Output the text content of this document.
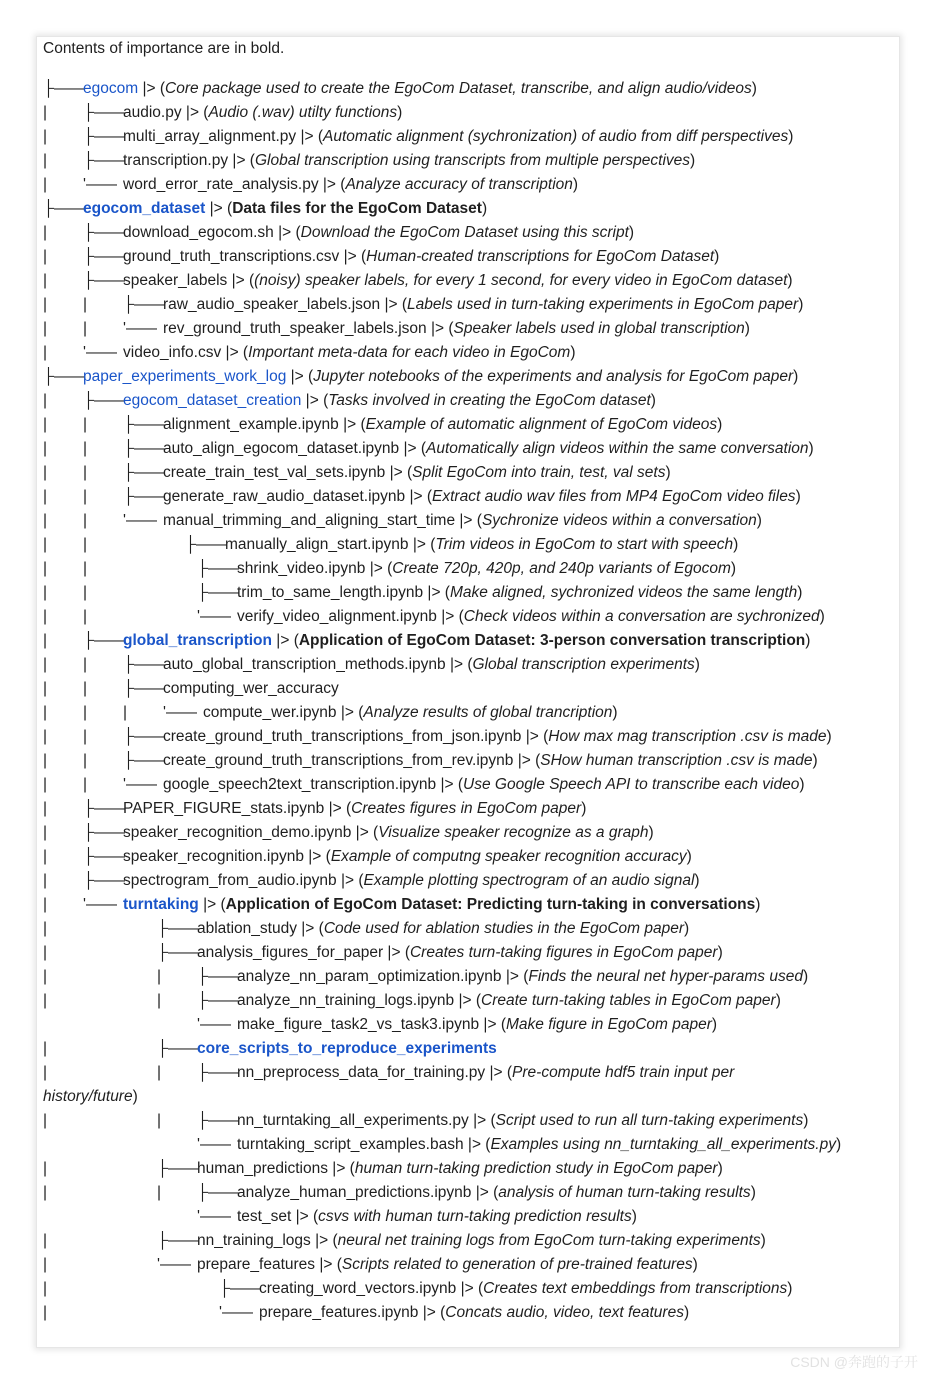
Contents of importance are in bold.
├——
egocom |> (Core package used to create the EgoCom Dataset, transcribe, and align audio/videos)
| ├——
audio.py |> (Audio (.wav) utilty functions)
| ├——
multi_array_alignment.py |> (Automatic alignment (sychronization) of audio from diff perspectives)
| ├——
transcription.py |> (Global transcription using transcripts from multiple perspectives)
| '—— word_error_rate_analysis.py |> (Analyze accuracy of transcription)
├——
egocom_dataset |> (Data files for the EgoCom Dataset)
| ├——
download_egocom.sh |> (Download the EgoCom Dataset using this script)
| ├——
ground_truth_transcriptions.csv |> (Human-created transcriptions for EgoCom Dataset)
| ├——
speaker_labels |> ((noisy) speaker labels, for every 1 second, for every video in EgoCom dataset)
| | ├——
raw_audio_speaker_labels.json |> (Labels used in turn-taking experiments in EgoCom paper)
| | '—— rev_ground_truth_speaker_labels.json |> (Speaker labels used in global transcription)
| '—— video_info.csv |> (Important meta-data for each video in EgoCom)
├——
paper_experiments_work_log |> (Jupyter notebooks of the experiments and analysis for EgoCom paper)
| ├——
egocom_dataset_creation |> (Tasks involved in creating the EgoCom dataset)
| | ├——
alignment_example.ipynb |> (Example of automatic alignment of EgoCom videos)
| | ├——
auto_align_egocom_dataset.ipynb |> (Automatically align videos within the same conversation)
| | ├——
create_train_test_val_sets.ipynb |> (Split EgoCom into train, test, val sets)
| | ├——
generate_raw_audio_dataset.ipynb |> (Extract audio wav files from MP4 EgoCom video files)
| | '—— manual_trimming_and_aligning_start_time |> (Sychronize videos within a conversation)
| |	├——
manually_align_start.ipynb |> (Trim videos in EgoCom to start with speech)
| |	├——
shrink_video.ipynb |> (Create 720p, 420p, and 240p variants of Egocom)
| |	├——
trim_to_same_length.ipynb |> (Make aligned, sychronized videos the same length)
| |	'—— verify_video_alignment.ipynb |> (Check videos within a conversation are sychronized)
| ├——
global_transcription |> (Application of EgoCom Dataset: 3-person conversation transcription)
| | ├——
auto_global_transcription_methods.ipynb |> (Global transcription experiments)
| | ├——
computing_wer_accuracy
| | | '—— compute_wer.ipynb |> (Analyze results of global trancription)
| | ├——
create_ground_truth_transcriptions_from_json.ipynb |> (How max mag transcription .csv is made)
| | ├——
create_ground_truth_transcriptions_from_rev.ipynb |> (SHow human transcription .csv is made)
| | '—— google_speech2text_transcription.ipynb |> (Use Google Speech API to transcribe each video)
| ├——
PAPER_FIGURE_stats.ipynb |> (Creates figures in EgoCom paper)
| ├——
speaker_recognition_demo.ipynb |> (Visualize speaker recognize as a graph)
| ├——
speaker_recognition.ipynb |> (Example of computng speaker recognition accuracy)
| ├——
spectrogram_from_audio.ipynb |> (Example plotting spectrogram of an audio signal)
| '—— turntaking |> (Application of EgoCom Dataset: Predicting turn-taking in conversations)
|	├——
ablation_study |> (Code used for ablation studies in the EgoCom paper)
|	├——
analysis_figures_for_paper |> (Creates turn-taking figures in EgoCom paper)
|	| ├——
analyze_nn_param_optimization.ipynb |> (Finds the neural net hyper-params used)
|	| ├——
analyze_nn_training_logs.ipynb |> (Create turn-taking tables in EgoCom paper)
'—— make_figure_task2_vs_task3.ipynb |> (Make figure in EgoCom paper)
|	├——
core_scripts_to_reproduce_experiments
|	| ├——
nn_preprocess_data_for_training.py |> (Pre-compute hdf5 train input per
history/future)
|	| ├——
nn_turntaking_all_experiments.py |> (Script used to run all turn-taking experiments)
'—— turntaking_script_examples.bash |> (Examples using nn_turntaking_all_experiments.py)
|	├——
human_predictions |> (human turn-taking prediction study in EgoCom paper)
|	| ├——
analyze_human_predictions.ipynb |> (analysis of human turn-taking results)
'—— test_set |> (csvs with human turn-taking prediction results)
|	├——
nn_training_logs |> (neural net training logs from EgoCom turn-taking experiments)
|	'—— prepare_features |> (Scripts related to generation of pre-trained features)
|	├——
creating_word_vectors.ipynb |> (Creates text embeddings from transcriptions)
|	'—— prepare_features.ipynb |> (Concats audio, video, text features)
CSDN @奔跑的子开
